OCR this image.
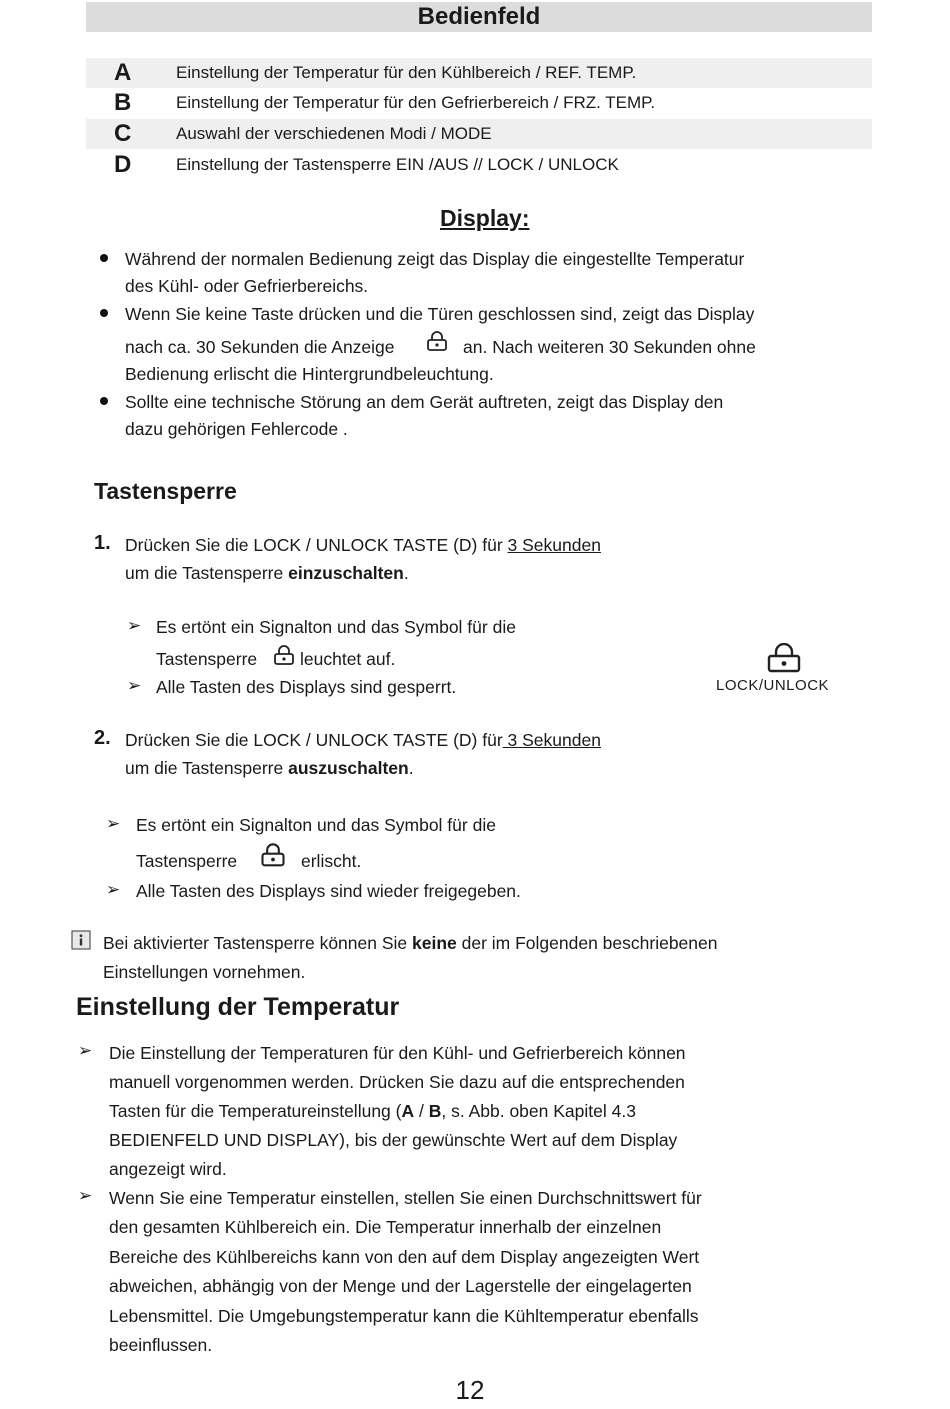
Bedienfeld
A	Einstellung der Temperatur für den Kühlbereich / REF. TEMP.
B	Einstellung der Temperatur für den Gefrierbereich / FRZ. TEMP.
C	Auswahl der verschiedenen Modi / MODE
D	Einstellung der Tastensperre EIN /AUS // LOCK / UNLOCK
Display:
Während der normalen Bedienung zeigt das Display die eingestellte Temperatur
des Kühl- oder Gefrierbereichs.
Wenn Sie keine Taste drücken und die Türen geschlossen sind, zeigt das Display
nach ca. 30 Sekunden die Anzeige	an. Nach weiteren 30 Sekunden ohne
Bedienung erlischt die Hintergrundbeleuchtung.
Sollte eine technische Störung an dem Gerät auftreten, zeigt das Display den
dazu gehörigen Fehlercode .
Tastensperre
1. Drücken Sie die LOCK / UNLOCK TASTE (D) für 3 Sekunden
um die Tastensperre einzuschalten.
➢ Es ertönt ein Signalton und das Symbol für die
Tastensperre leuchtet auf.
➢ Alle Tasten des Displays sind gesperrt.	LOCK/UNLOCK
2. Drücken Sie die LOCK / UNLOCK TASTE (D) für 3 Sekunden
um die Tastensperre auszuschalten.
➢ Es ertönt ein Signalton und das Symbol für die
Tastensperre	erlischt.
➢ Alle Tasten des Displays sind wieder freigegeben.
Bei aktivierter Tastensperre können Sie keine der im Folgenden beschriebenen
Einstellungen vornehmen.
Einstellung der Temperatur
➢ Die Einstellung der Temperaturen für den Kühl- und Gefrierbereich können
manuell vorgenommen werden. Drücken Sie dazu auf die entsprechenden
Tasten für die Temperatureinstellung (A / B, s. Abb. oben Kapitel 4.3
BEDIENFELD UND DISPLAY), bis der gewünschte Wert auf dem Display
angezeigt wird.
➢ Wenn Sie eine Temperatur einstellen, stellen Sie einen Durchschnittswert für
den gesamten Kühlbereich ein. Die Temperatur innerhalb der einzelnen
Bereiche des Kühlbereichs kann von den auf dem Display angezeigten Wert
abweichen, abhängig von der Menge und der Lagerstelle der eingelagerten
Lebensmittel. Die Umgebungstemperatur kann die Kühltemperatur ebenfalls
beeinflussen.
12
